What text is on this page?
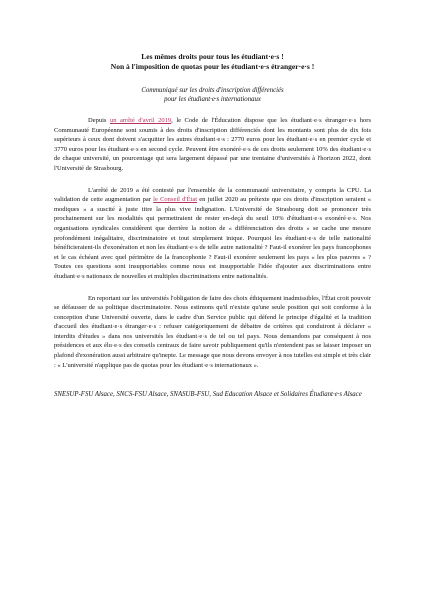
Les mêmes droits pour tous les étudiant·e·s !
Non à l'imposition de quotas pour les étudiant·e·s étranger·e·s !

Communiqué sur les droits d'inscription différenciés
pour les étudiant·e·s internationaux

Depuis un arrêté d'avril 2019, le Code de l'Éducation dispose que les étudiant·e·s étranger·e·s hors Communauté Européenne sont soumis à des droits d'inscription différenciés dont les montants sont plus de dix fois supérieurs à ceux dont doivent s'acquitter les autres étudiant·e·s : 2770 euros pour les étudiant·e·s en premier cycle et 3770 euros pour les étudiant·e·s en second cycle. Peuvent être exonéré·e·s de ces droits seulement 10% des étudiant·e·s de chaque université, un pourcentage qui sera largement dépassé par une trentaine d'universités à l'horizon 2022, dont l'Université de Strasbourg.

L'arrêté de 2019 a été contesté par l'ensemble de la communauté universitaire, y compris la CPU. La validation de cette augmentation par le Conseil d'État en juillet 2020 au prétexte que ces droits d'inscription seraient « modiques » a suscité à juste titre la plus vive indignation. L'Université de Strasbourg doit se prononcer très prochainement sur les modalités qui permettraient de rester en-deçà du seuil 10% d'étudiant·e·s exonéré·e·s. Nos organisations syndicales considèrent que derrière la notion de « différenciation des droits » se cache une mesure profondément inégalitaire, discriminatoire et tout simplement inique. Pourquoi les étudiant·e·s de telle nationalité bénéficieraient-ils d'exonération et non les étudiant·e·s de telle autre nationalité ? Faut-il exonérer les pays francophones et le cas échéant avec quel périmètre de la francophonie ? Faut-il exonérer seulement les pays « les plus pauvres » ? Toutes ces questions sont insupportables comme nous est insupportable l'idée d'ajouter aux discriminations entre étudiant·e·s nationaux de nouvelles et multiples discriminations entre nationalités.

En reportant sur les universités l'obligation de faire des choix éthiquement inadmissibles, l'État croit pouvoir se défausser de sa politique discriminatoire. Nous estimons qu'il n'existe qu'une seule position qui soit conforme à la conception d'une Université ouverte, dans le cadre d'un Service public qui défend le principe d'égalité et la tradition d'accueil des étudiant·e·s étranger·e·s : refuser catégoriquement de débattre de critères qui conduiront à déclarer « interdits d'études » dans nos universités les étudiant·e·s de tel ou tel pays. Nous demandons par conséquent à nos présidences et aux élu·e·s des conseils centraux de faire savoir publiquement qu'ils n'entendent pas se laisser imposer un plafond d'exonération aussi arbitraire qu'inepte. Le message que nous devons envoyer à nos tutelles est simple et très clair : « L'université n'applique pas de quotas pour les étudiant·e·s internationaux ».

SNESUP-FSU Alsace, SNCS-FSU Alsace, SNASUB-FSU, Sud Education Alsace et Solidaires Étudiant·e·s Alsace
